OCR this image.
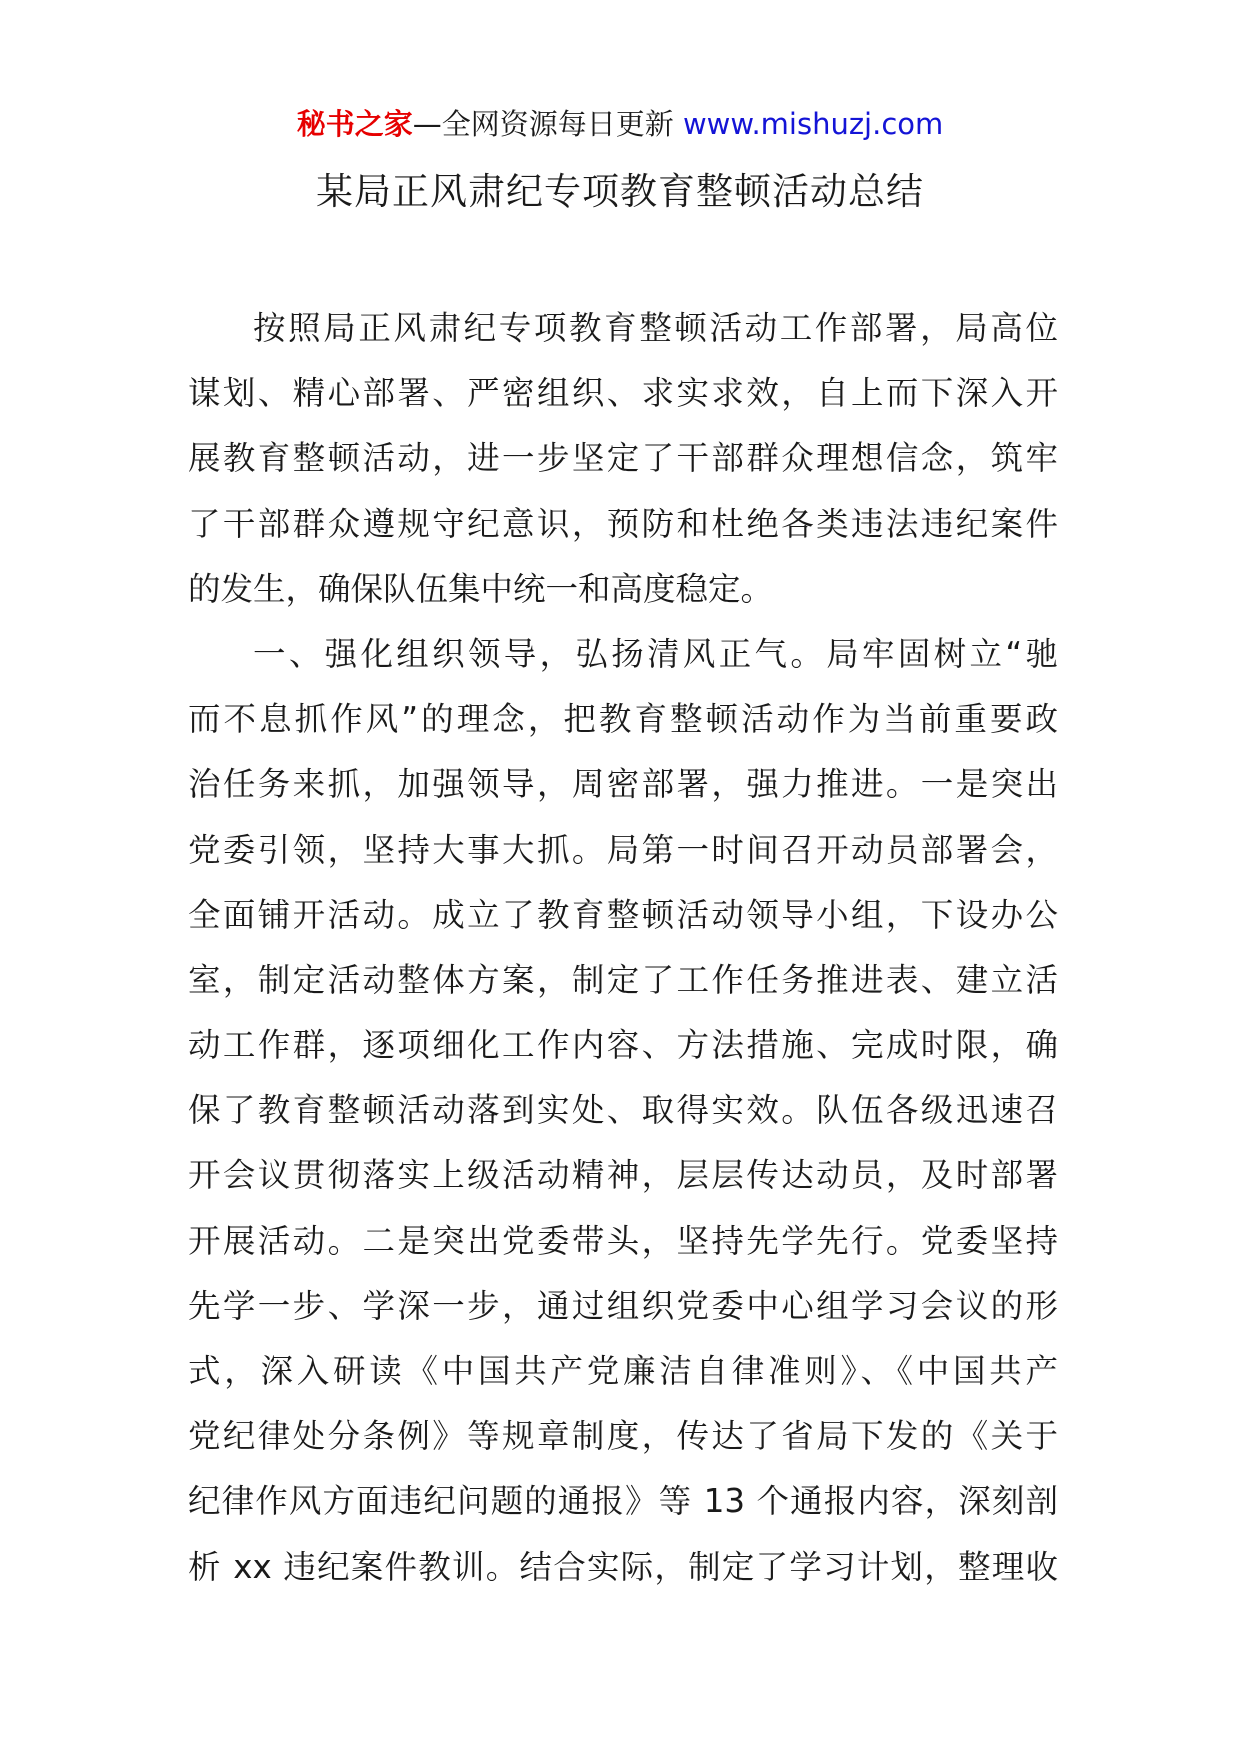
秘书之家—全网资源每日更新 www.mishuzj.com
某局正风肃纪专项教育整顿活动总结
按照局正风肃纪专项教育整顿活动工作部署，局高位
谋划、精心部署、严密组织、求实求效，自上而下深入开
展教育整顿活动，进一步坚定了干部群众理想信念，筑牢
了干部群众遵规守纪意识，预防和杜绝各类违法违纪案件
的发生，确保队伍集中统一和高度稳定。
一、强化组织领导，弘扬清风正气。局牢固树立“驰
而不息抓作风”的理念，把教育整顿活动作为当前重要政
治任务来抓，加强领导，周密部署，强力推进。一是突出
党委引领，坚持大事大抓。局第一时间召开动员部署会，
全面铺开活动。成立了教育整顿活动领导小组，下设办公
室，制定活动整体方案，制定了工作任务推进表、建立活
动工作群，逐项细化工作内容、方法措施、完成时限，确
保了教育整顿活动落到实处、取得实效。队伍各级迅速召
开会议贯彻落实上级活动精神，层层传达动员，及时部署
开展活动。二是突出党委带头，坚持先学先行。党委坚持
先学一步、学深一步，通过组织党委中心组学习会议的形
式，深入研读《中国共产党廉洁自律准则》、《中国共产
党纪律处分条例》等规章制度，传达了省局下发的《关于
纪律作风方面违纪问题的通报》等 13 个通报内容，深刻剖
析 xx 违纪案件教训。结合实际，制定了学习计划，整理收
